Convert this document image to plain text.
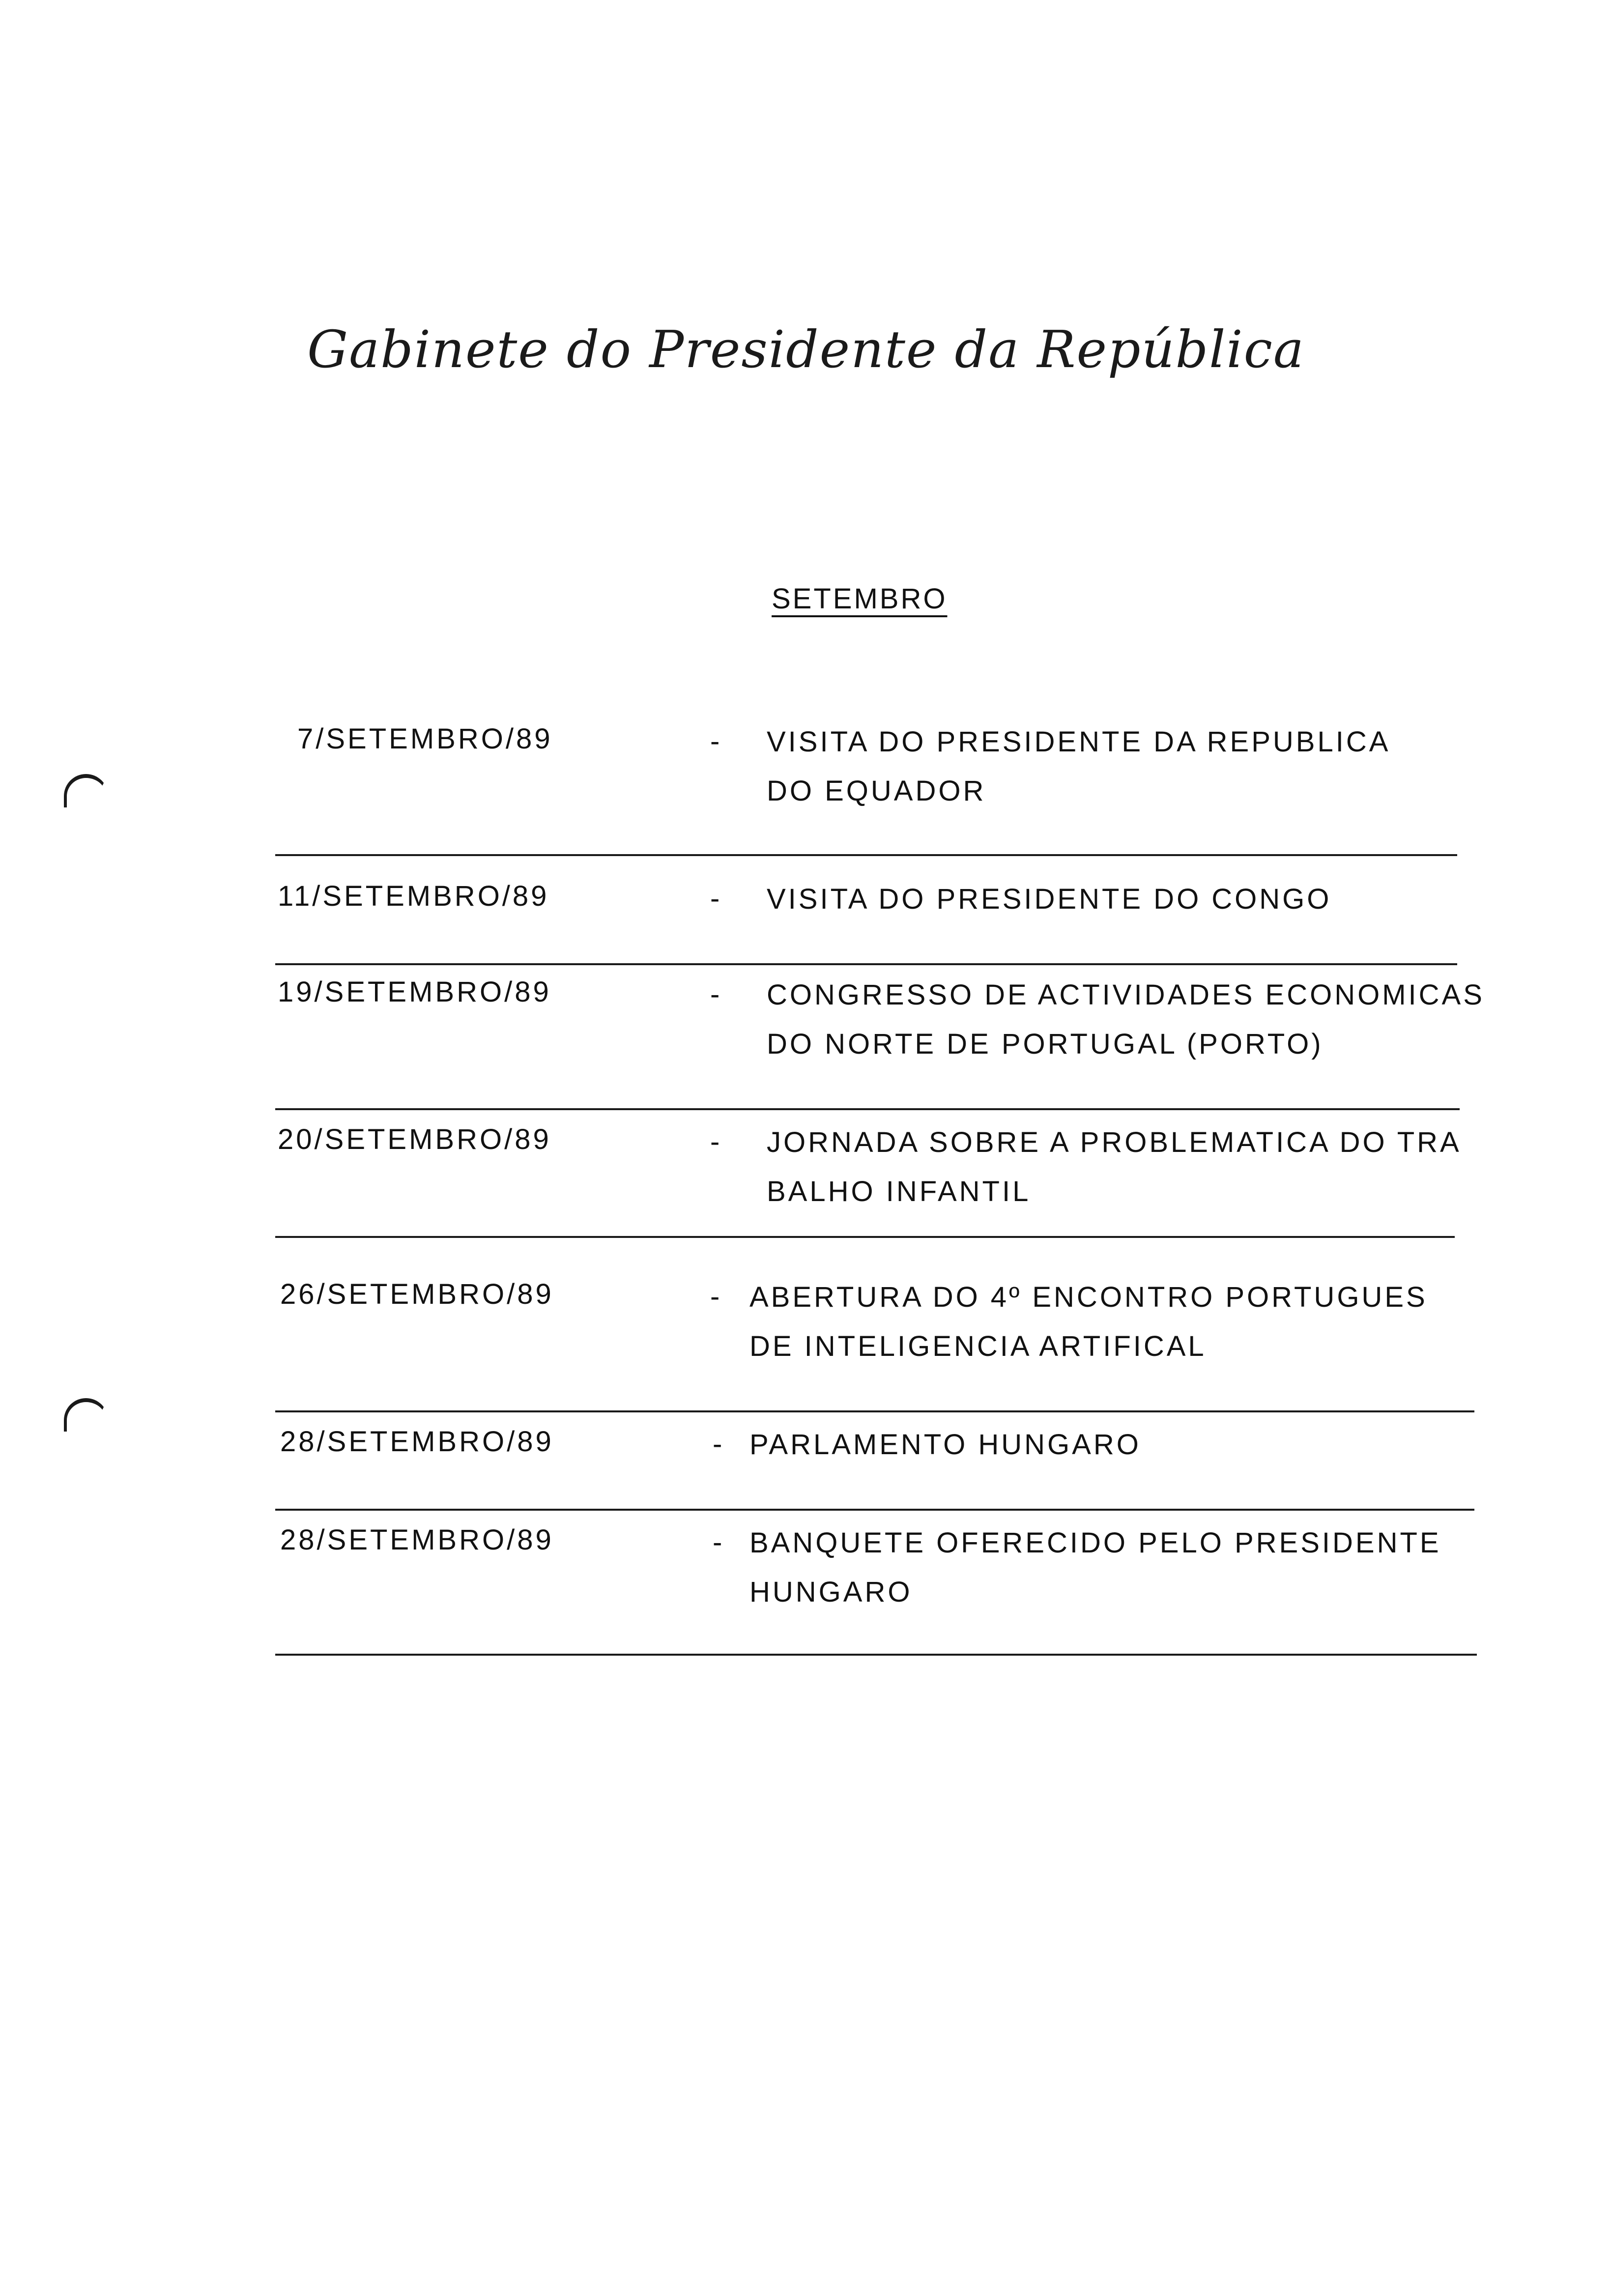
Gabinete do Presidente da República
SETEMBRO
7/SETEMBRO/89	- VISITA DO PRESIDENTE DA REPUBLICA
DO EQUADOR
11/SETEMBRO/89	- VISITA DO PRESIDENTE DO CONGO
19/SETEMBRO/89	- CONGRESSO DE ACTIVIDADES ECONOMICAS
DO NORTE DE PORTUGAL (PORTO)
20/SETEMBRO/89	- JORNADA SOBRE A PROBLEMATICA DO TRA
BALHO INFANTIL
26/SETEMBRO/89	- ABERTURA DO 4º ENCONTRO PORTUGUES
DE INTELIGENCIA ARTIFICAL
28/SETEMBRO/89	- PARLAMENTO HUNGARO
28/SETEMBRO/89	- BANQUETE OFERECIDO PELO PRESIDENTE
HUNGARO
